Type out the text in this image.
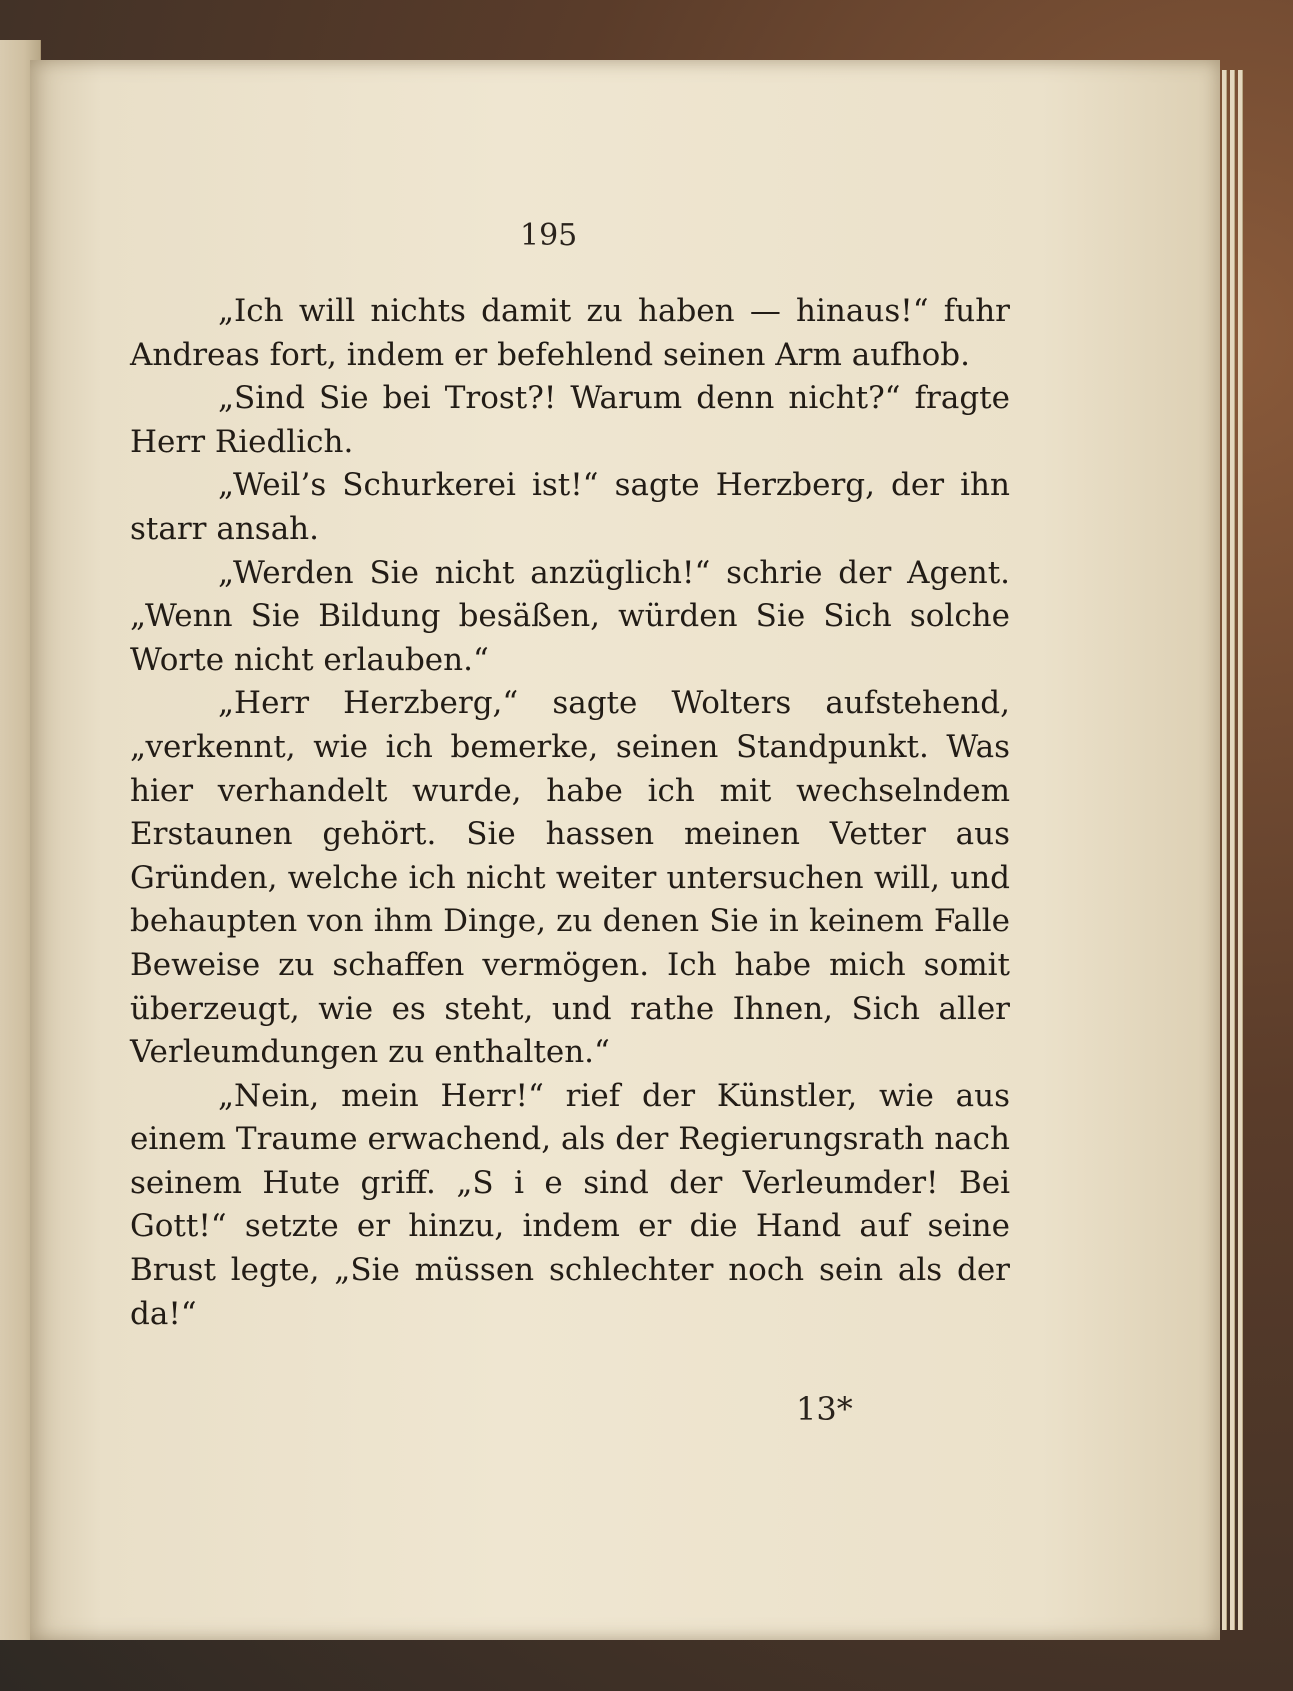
195

„Ich will nichts damit zu haben — hinaus!“ fuhr Andreas fort, indem er befehlend seinen Arm aufhob.

„Sind Sie bei Trost?! Warum denn nicht?“ fragte Herr Riedlich.

„Weil’s Schurkerei ist!“ sagte Herzberg, der ihn starr ansah.

„Werden Sie nicht anzüglich!“ schrie der Agent. „Wenn Sie Bildung besäßen, würden Sie Sich solche Worte nicht erlauben.“

„Herr Herzberg,“ sagte Wolters aufstehend, „verkennt, wie ich bemerke, seinen Standpunkt. Was hier verhandelt wurde, habe ich mit wechselndem Erstaunen gehört. Sie hassen meinen Vetter aus Gründen, welche ich nicht weiter untersuchen will, und behaupten von ihm Dinge, zu denen Sie in keinem Falle Beweise zu schaffen vermögen. Ich habe mich somit überzeugt, wie es steht, und rathe Ihnen, Sich aller Verleumdungen zu enthalten.“

„Nein, mein Herr!“ rief der Künstler, wie aus einem Traume erwachend, als der Regierungsrath nach seinem Hute griff. „S i e sind der Verleumder! Bei Gott!“ setzte er hinzu, indem er die Hand auf seine Brust legte, „Sie müssen schlechter noch sein als der da!“

13*
